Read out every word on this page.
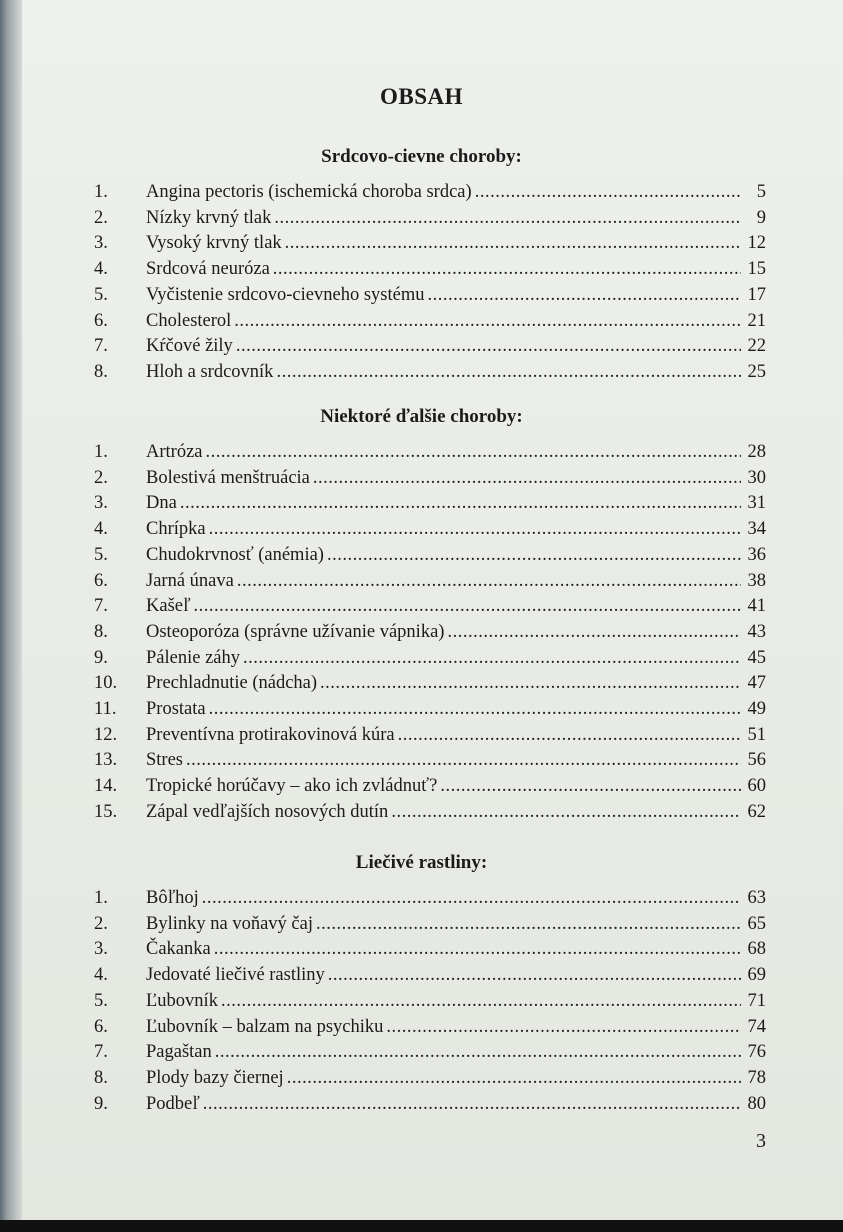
OBSAH
Srdcovo-cievne choroby:
1.	Angina pectoris (ischemická choroba srdca) .....	5
2.	Nízky krvný tlak .....	9
3.	Vysoký krvný tlak .....	12
4.	Srdcová neuróza .....	15
5.	Vyčistenie srdcovo-cievneho systému .....	17
6.	Cholesterol .....	21
7.	Kŕčové žily .....	22
8.	Hloh a srdcovník .....	25
Niektoré ďalšie choroby:
1.	Artróza .....	28
2.	Bolestivá menštruácia .....	30
3.	Dna .....	31
4.	Chrípka .....	34
5.	Chudokrvnosť (anémia) .....	36
6.	Jarná únava .....	38
7.	Kašeľ .....	41
8.	Osteoporóza (správne užívanie vápnika) .....	43
9.	Pálenie záhy .....	45
10.	Prechladnutie (nádcha) .....	47
11.	Prostata .....	49
12.	Preventívna protirakovinová kúra .....	51
13.	Stres .....	56
14.	Tropické horúčavy – ako ich zvládnuť? .....	60
15.	Zápal vedľajších nosových dutín .....	62
Liečivé rastliny:
1.	Bôľhoj .....	63
2.	Bylinky na voňavý čaj .....	65
3.	Čakanka .....	68
4.	Jedovaté liečivé rastliny .....	69
5.	Ľubovník .....	71
6.	Ľubovník – balzam na psychiku .....	74
7.	Pagaštan .....	76
8.	Plody bazy čiernej .....	78
9.	Podbeľ .....	80
3
